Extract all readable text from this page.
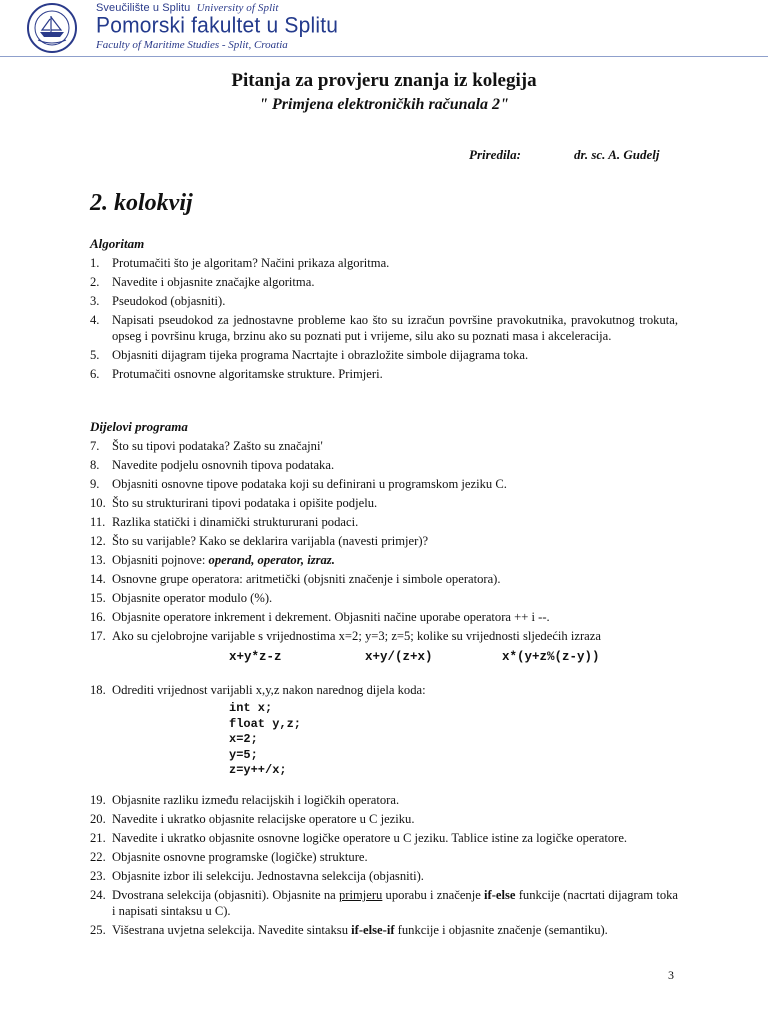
Sveučilište u Splitu University of Split
Pomorski fakultet u Splitu
Faculty of Maritime Studies - Split, Croatia
Pitanja za provjeru znanja iz kolegija
" Primjena elektroničkih računala 2"
Priredila:	dr. sc. A. Gudelj
2. kolokvij
Algoritam
1. Protumačiti što je algoritam? Načini prikaza algoritma.
2. Navedite i objasnite značajke algoritma.
3. Pseudokod (objasniti).
4. Napisati pseudokod za jednostavne probleme kao što su izračun površine pravokutnika, pravokutnog trokuta, opseg i površinu kruga, brzinu ako su poznati put i vrijeme, silu ako su poznati masa i akceleracija.
5. Objasniti dijagram tijeka programa Nacrtajte i obrazložite simbole dijagrama toka.
6. Protumačiti osnovne algoritamske strukture. Primjeri.
Dijelovi programa
7. Što su tipovi podataka? Zašto su značajni'
8. Navedite podjelu osnovnih tipova podataka.
9. Objasniti osnovne tipove podataka koji su definirani u programskom jeziku C.
10. Što su strukturirani tipovi podataka i opišite podjelu.
11. Razlika statički i dinamički struktururani podaci.
12. Što su varijable? Kako se deklarira varijabla (navesti primjer)?
13. Objasniti pojnove: operand, operator, izraz.
14. Osnovne grupe operatora: aritmetički (objsniti značenje i simbole operatora).
15. Objasnite operator modulo (%).
16. Objasnite operatore inkrement i dekrement. Objasniti načine uporabe operatora ++ i --.
17. Ako su cjelobrojne varijable s vrijednostima x=2; y=3; z=5; kolike su vrijednosti sljedećih izraza
x+y*z-z	x+y/(z+x)	x*(y+z%(z-y))
18. Odrediti vrijednost varijabli x,y,z nakon narednog dijela koda:
int x;
float y,z;
x=2;
y=5;
z=y++/x;
19. Objasnite razliku između relacijskih i logičkih operatora.
20. Navedite i ukratko objasnite relacijske operatore u C jeziku.
21. Navedite i ukratko objasnite osnovne logičke operatore u C jeziku. Tablice istine za logičke operatore.
22. Objasnite osnovne programske (logičke) strukture.
23. Objasnite izbor ili selekciju. Jednostavna selekcija (objasniti).
24. Dvostrana selekcija (objasniti). Objasnite na primjeru uporabu i značenje if-else funkcije (nacrtati dijagram toka i napisati sintaksu u C).
25. Višestrana uvjetna selekcija. Navedite sintaksu if-else-if funkcije i objasnite značenje (semantiku).
3
